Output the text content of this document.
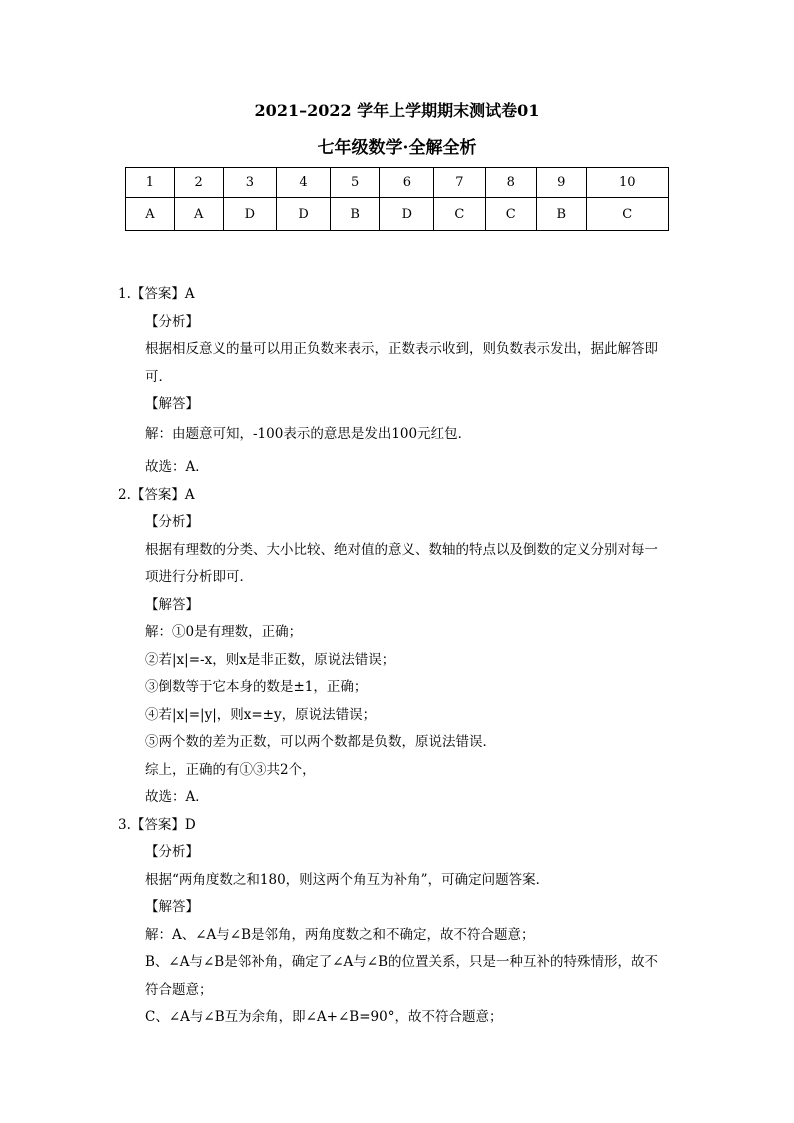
2021–2022 学年上学期期末测试卷01
七年级数学·全解全析
1	2	3	4	5	6	7	8	9	10
A	A	D	D	B	D	C	C	B	C
1.【答案】A
【分析】
根据相反意义的量可以用正负数来表示，正数表示收到，则负数表示发出，据此解答即
可．
【解答】
解：由题意可知，-100表示的意思是发出100元红包．
故选：A．
2.【答案】A
【分析】
根据有理数的分类、大小比较、绝对值的意义、数轴的特点以及倒数的定义分别对每一
项进行分析即可．
【解答】
解：①0是有理数，正确；
②若|x|=-x，则x是非正数，原说法错误；
③倒数等于它本身的数是±1，正确；
④若|x|=|y|，则x=±y，原说法错误；
⑤两个数的差为正数，可以两个数都是负数，原说法错误．
综上，正确的有①③共2个，
故选：A．
3.【答案】D
【分析】
根据“两角度数之和180，则这两个角互为补角”，可确定问题答案．
【解答】
解：A、∠A与∠B是邻角，两角度数之和不确定，故不符合题意；
B、∠A与∠B是邻补角，确定了∠A与∠B的位置关系，只是一种互补的特殊情形，故不
符合题意；
C、∠A与∠B互为余角，即∠A+∠B=90°，故不符合题意；
